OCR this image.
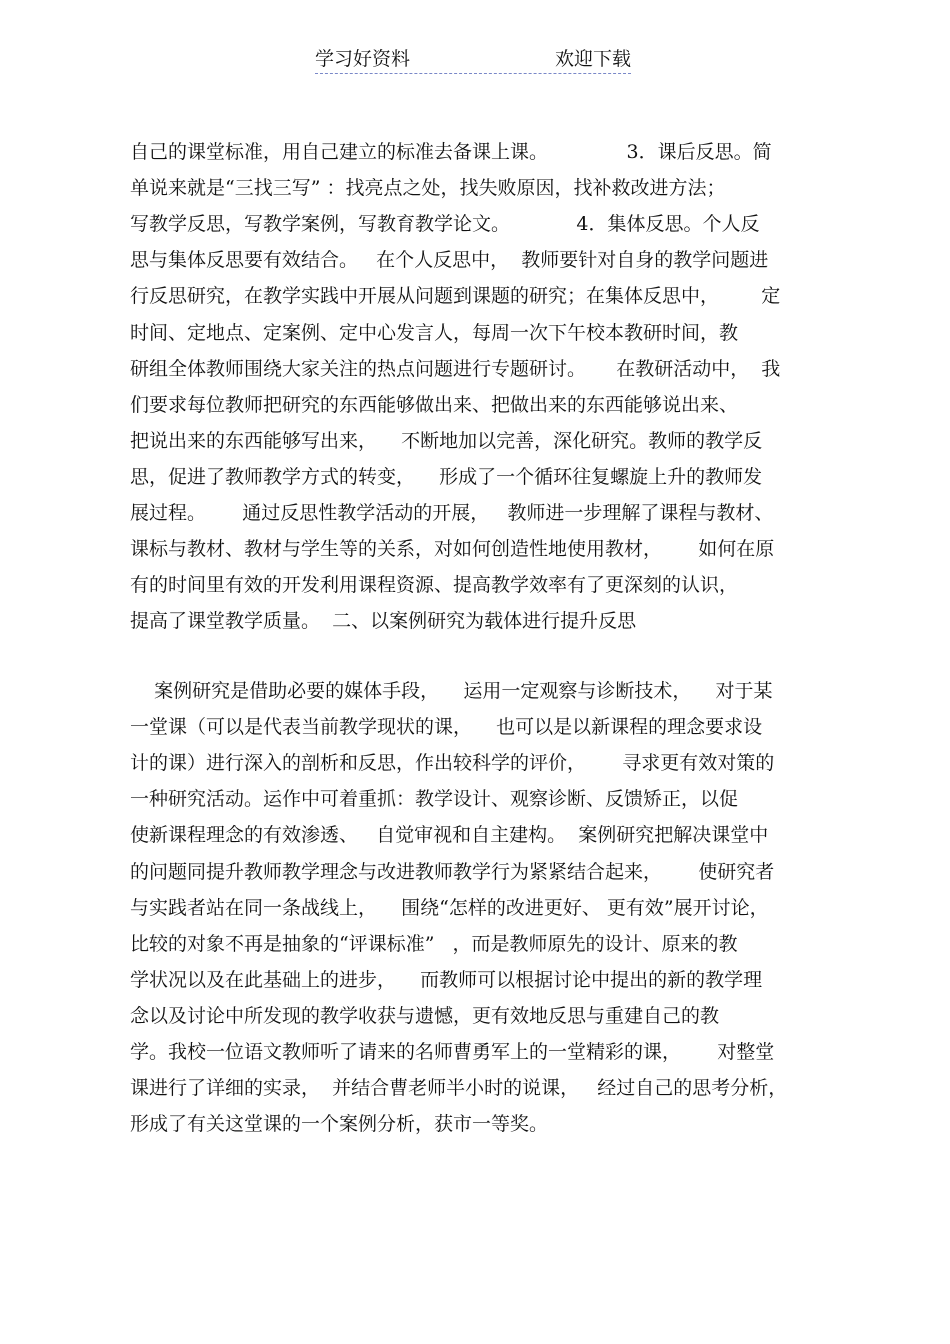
学习好资料	欢迎下载
自己的课堂标准，用自己建立的标准去备课上课。             3．课后反思。简
单说来就是“三找三写” ：找亮点之处，找失败原因，找补救改进方法；
写教学反思，写教学案例，写教育教学论文。           4．集体反思。个人反
思与集体反思要有效结合。   在个人反思中，  教师要针对自身的教学问题进
行反思研究，在教学实践中开展从问题到课题的研究；在集体反思中，       定
时间、定地点、定案例、定中心发言人，每周一次下午校本教研时间，教
研组全体教师围绕大家关注的热点问题进行专题研讨。     在教研活动中，  我
们要求每位教师把研究的东西能够做出来、把做出来的东西能够说出来、
把说出来的东西能够写出来，    不断地加以完善，深化研究。教师的教学反
思，促进了教师教学方式的转变，    形成了一个循环往复螺旋上升的教师发
展过程。      通过反思性教学活动的开展，   教师进一步理解了课程与教材、
课标与教材、教材与学生等的关系，对如何创造性地使用教材，      如何在原
有的时间里有效的开发利用课程资源、提高教学效率有了更深刻的认识，
提高了课堂教学质量。  二、以案例研究为载体进行提升反思
案例研究是借助必要的媒体手段，    运用一定观察与诊断技术，    对于某
一堂课（可以是代表当前教学现状的课，    也可以是以新课程的理念要求设
计的课）进行深入的剖析和反思，作出较科学的评价，      寻求更有效对策的
一种研究活动。运作中可着重抓：教学设计、观察诊断、反馈矫正，以促
使新课程理念的有效渗透、   自觉审视和自主建构。  案例研究把解决课堂中
的问题同提升教师教学理念与改进教师教学行为紧紧结合起来，      使研究者
与实践者站在同一条战线上，    围绕“怎样的改进更好、 更有效”展开讨论，
比较的对象不再是抽象的“评课标准”   ，而是教师原先的设计、原来的教
学状况以及在此基础上的进步，    而教师可以根据讨论中提出的新的教学理
念以及讨论中所发现的教学收获与遗憾，更有效地反思与重建自己的教
学。我校一位语文教师听了请来的名师曹勇军上的一堂精彩的课，      对整堂
课进行了详细的实录，  并结合曹老师半小时的说课，   经过自己的思考分析，
形成了有关这堂课的一个案例分析，获市一等奖。
